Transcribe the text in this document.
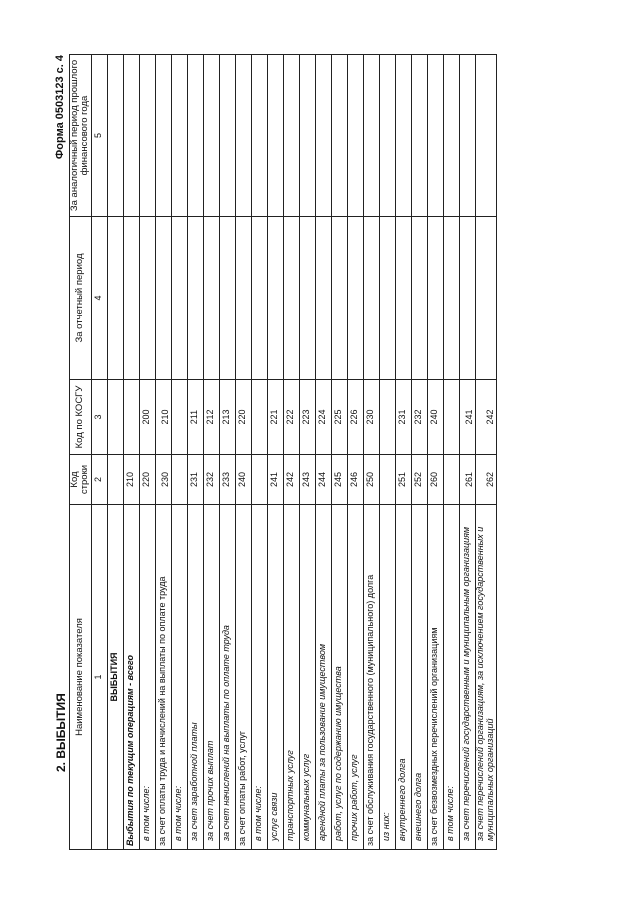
2. ВЫБЫТИЯ
Форма 0503123 с. 4
Наименование показателя	Код строки	Код по КОСГУ	За отчетный период	За аналогичный период прошлого финансового года
1	2	3	4	5
ВЫБЫТИЯ				
Выбытия по текущим операциям - всего	210			
в том числе:	220	200		
за счет оплаты труда и начислений на выплаты по оплате труда	230	210		
в том числе:				
за счет заработной платы	231	211		
за счет прочих выплат	232	212		
за счет начислений на выплаты по оплате труда	233	213		
за счет оплаты работ, услуг	240	220		
в том числе:				
услуг связи	241	221		
транспортных услуг	242	222		
коммунальных услуг	243	223		
арендной платы за пользование имуществом	244	224		
работ, услуг по содержанию имущества	245	225		
прочих работ, услуг	246	226		
за счет обслуживания государственного (муниципального) долга	250	230		
из них:				
внутреннего долга	251	231		
внешнего долга	252	232		
за счет безвозмездных перечислений организациям	260	240		
в том числе:				
за счет перечислений государственным и муниципальным организациям	261	241		
за счет перечислений организациям, за исключением государственных и муниципальных организаций	262	242		
